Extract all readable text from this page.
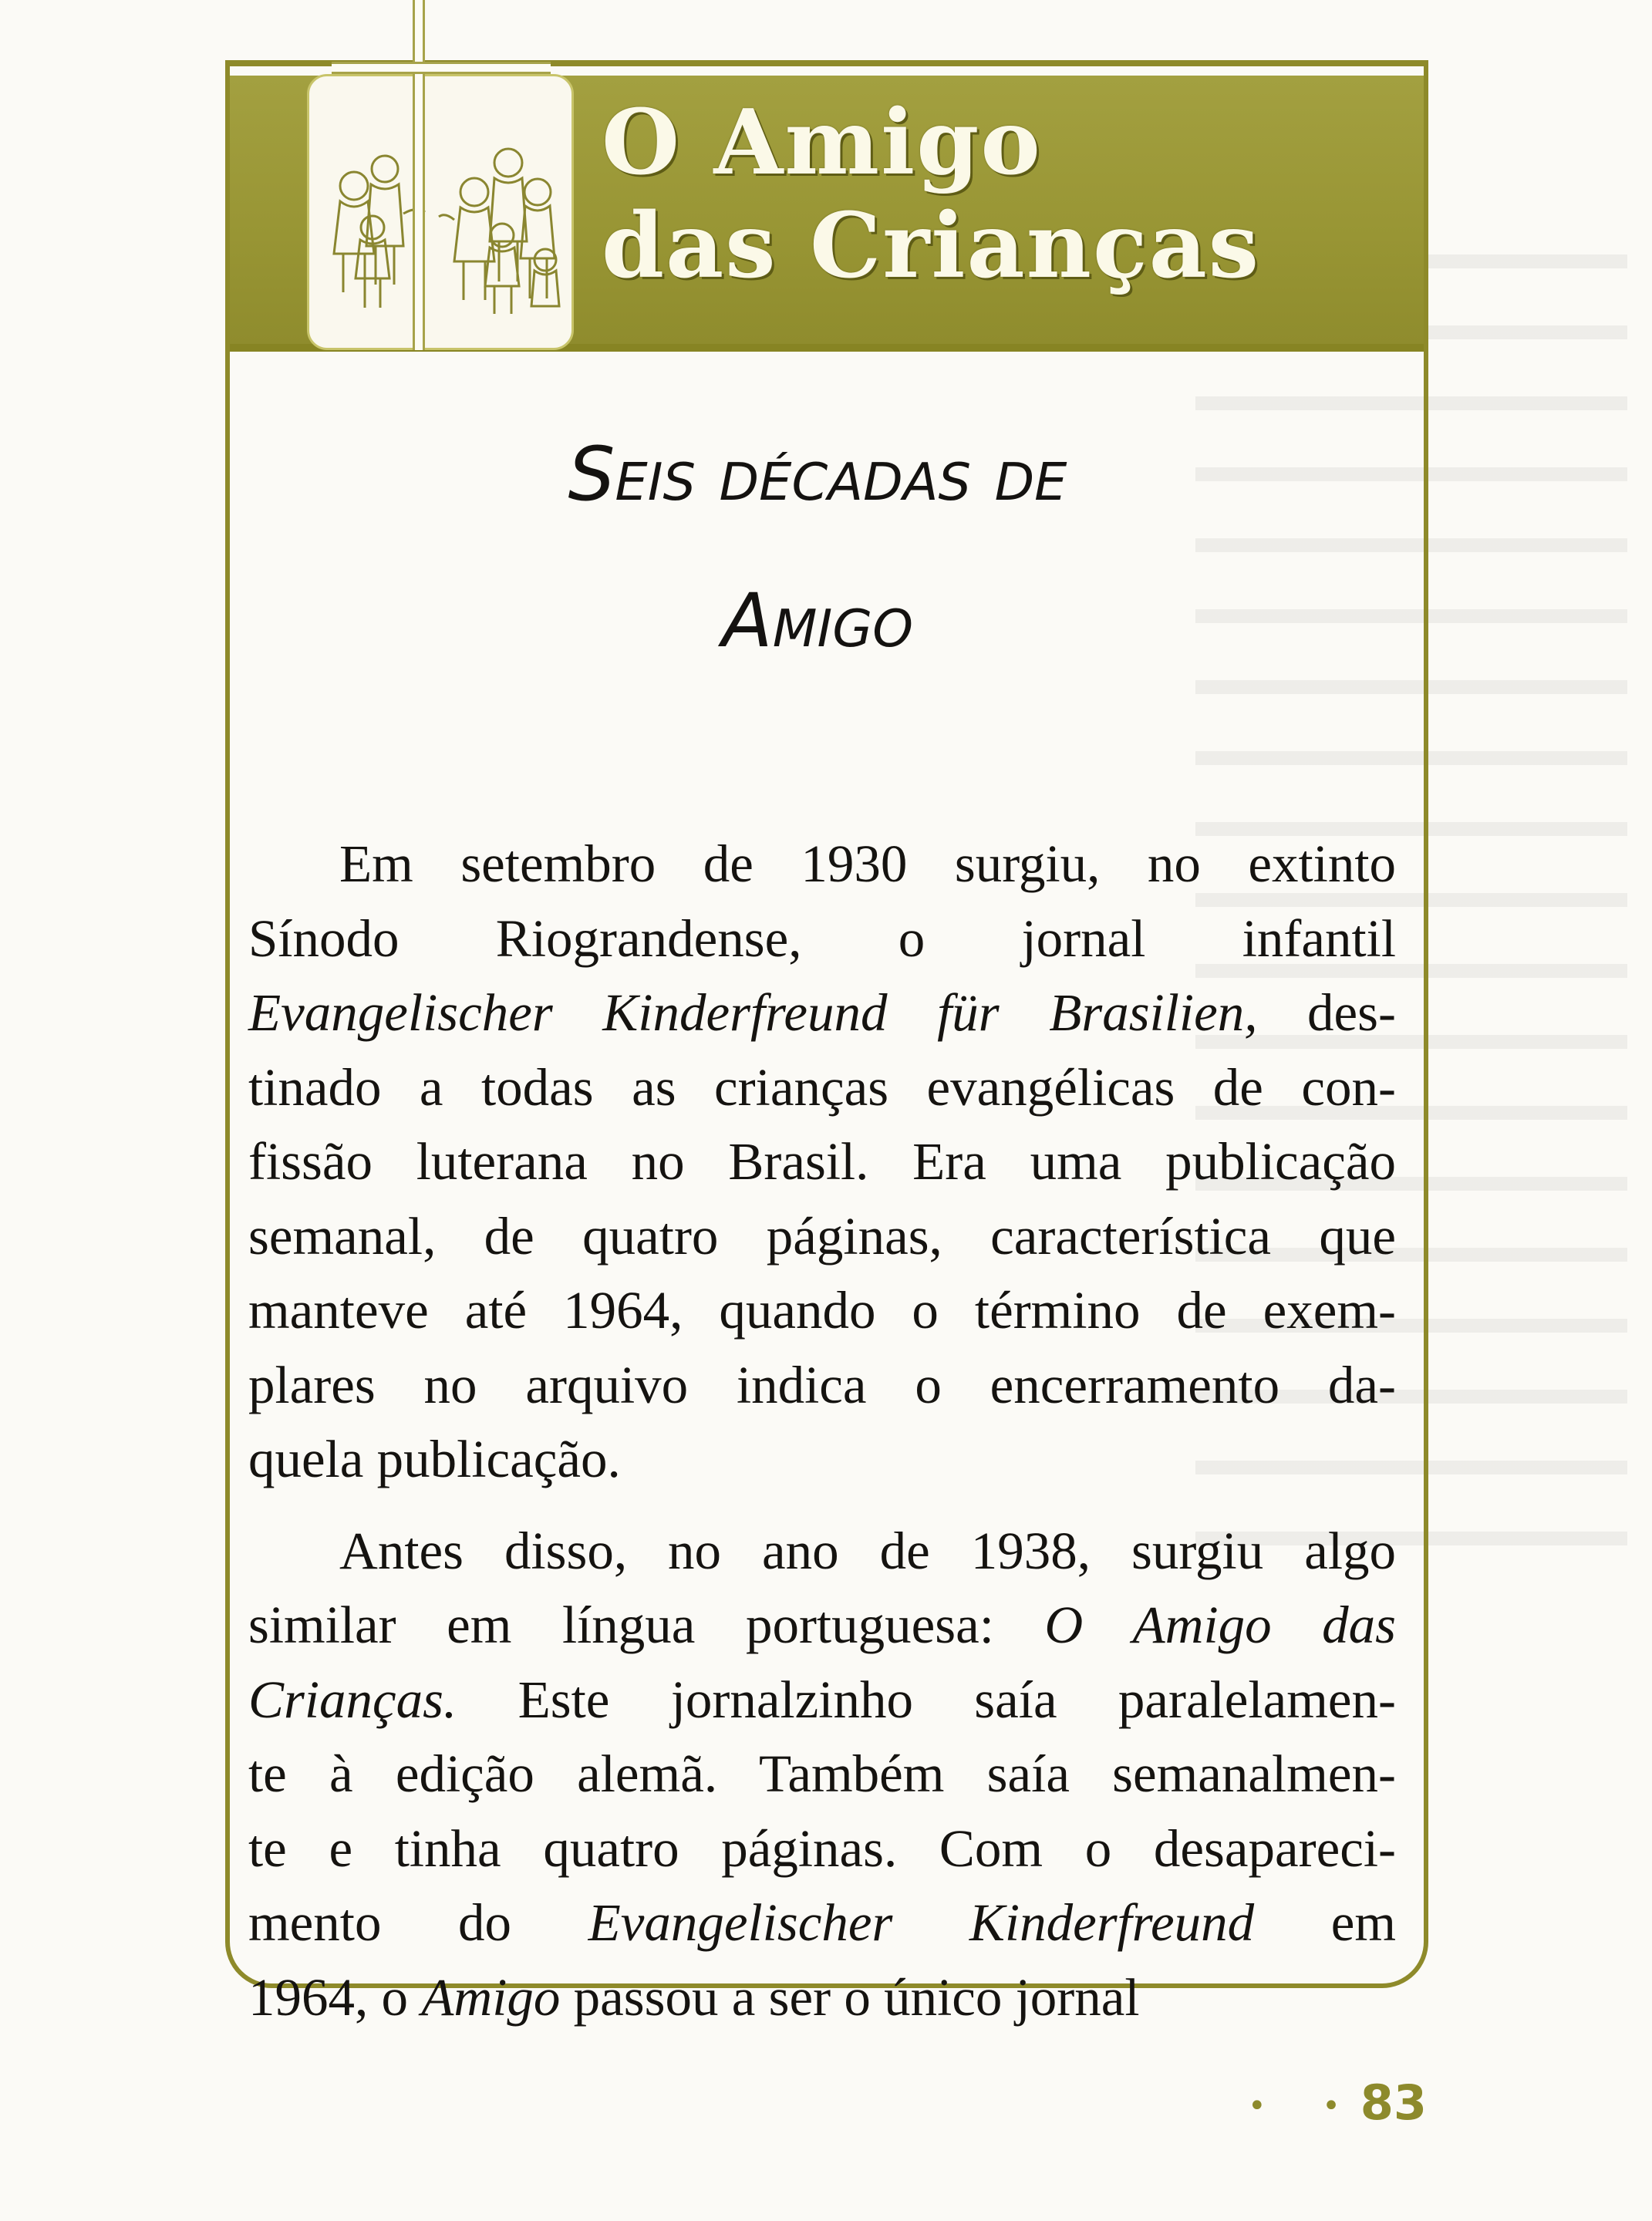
O Amigo
das Crianças
Seis décadas de
Amigo
Em setembro de 1930 surgiu, no extinto
Sínodo Riograndense, o jornal infantil
Evangelischer Kinderfreund für Brasilien, des-
tinado a todas as crianças evangélicas de con-
fissão luterana no Brasil. Era uma publicação
semanal, de quatro páginas, característica que
manteve até 1964, quando o término de exem-
plares no arquivo indica o encerramento da-
quela publicação.
Antes disso, no ano de 1938, surgiu algo
similar em língua portuguesa: O Amigo das
Crianças. Este jornalzinho saía paralelamen-
te à edição alemã. Também saía semanalmen-
te e tinha quatro páginas. Com o desapareci-
mento do Evangelischer Kinderfreund em
1964, o Amigo passou a ser o único jornal
• •
83
